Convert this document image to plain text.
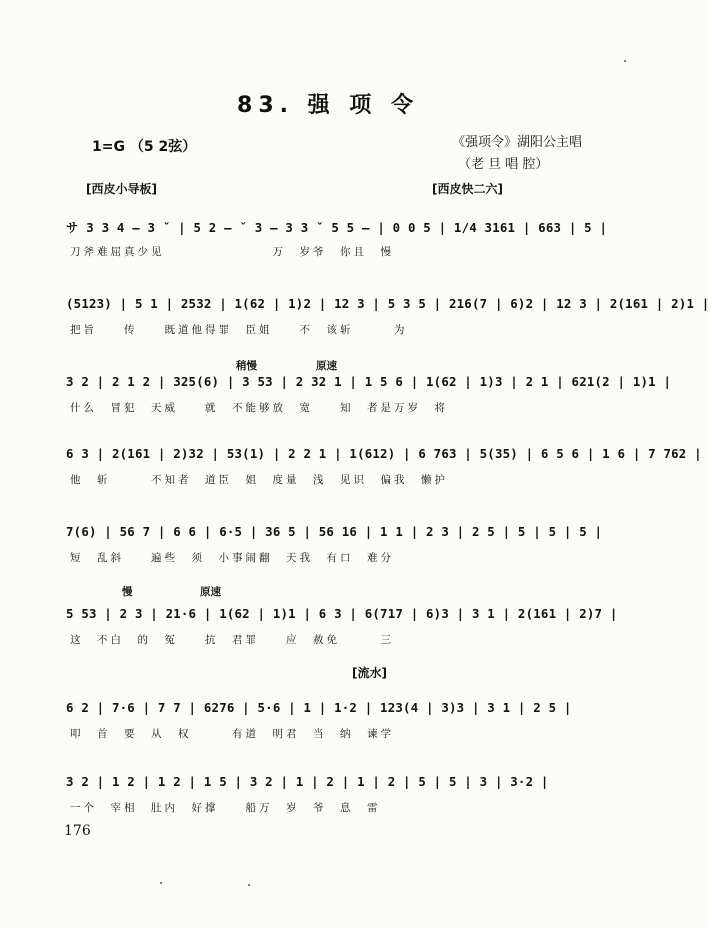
83. 强 项 令
1=G （5 2弦）	《强项令》湖阳公主唱
（老 旦 唱 腔）
[西皮小导板]	[西皮快二六]
サ 3 3 4 — 3 ˇ | 5 2 — ˇ 3 — 3 3 ˇ 5 5 — | 0 0 5 | 1/4 3161 | 663 | 5 |
刀斧难屈真少见　　　　　　　　万　岁爷　你且　慢
(5123) | 5 1 | 2532 | 1(62 | 1)2 | 12 3 | 5 3 5 | 216(7 | 6)2 | 12 3 | 2(161 | 2)1 |
把旨　　传　　既道他得罪　臣姐　　不　该斩　　　为
稍慢	原速
3 2 | 2 1 2 | 325(6) | 3 53 | 2 32 1 | 1 5 6 | 1(62 | 1)3 | 2 1 | 621(2 | 1)1 |
什么　冒犯　天威　　就　不能够放　宽　　知　者是万岁　将
6 3 | 2(161 | 2)32 | 53(1) | 2 2 1 | 1(612) | 6 763 | 5(35) | 6 5 6 | 1 6 | 7 762 |
他　斩　　　不知者　道臣　姐　度量　浅　见识　偏我　懒护
7(6) | 56 7 | 6 6 | 6·5 | 36 5 | 56 16 | 1 1 | 2 3 | 2 5 | 5 | 5 | 5 |
短　乱斜　　遍些　须　小事闹翻　天我　有口　难分
慢	原速
5 53 | 2 3 | 21·6 | 1(62 | 1)1 | 6 3 | 6(717 | 6)3 | 3 1 | 2(161 | 2)7 |
这　不白　的　冤　　抗　君罪　　应　赦免　　　三
[流水]
6 2 | 7·6 | 7 7 | 6276 | 5·6 | 1 | 1·2 | 123(4 | 3)3 | 3 1 | 2 5 |
叩　首　要　从　权　　　有道　明君　当　纳　谏学
3 2 | 1 2 | 1 2 | 1 5 | 3 2 | 1 | 2 | 1 | 2 | 5 | 5 | 3 | 3·2 |
一个　宰相　肚内　好撑　　船万　岁　爷　息　雷
176
